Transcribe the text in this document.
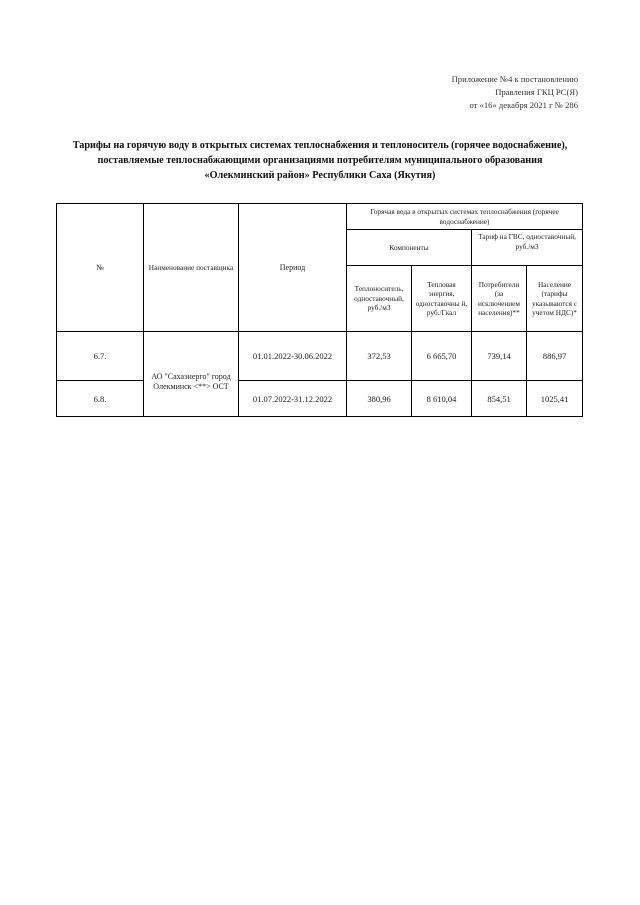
Приложение №4 к постановлению
Правления ГКЦ РС(Я)
от «16» декабря 2021 г № 286
Тарифы на горячую воду в открытых системах теплоснабжения и теплоноситель (горячее водоснабжение), поставляемые теплоснабжающими организациями потребителям муниципального образования «Олекминский район» Республики Саха (Якутия)
№	Наименование поставщика	Период	Горячая вода в открытых системах теплоснабжения (горячее водоснабжение)			
			Компоненты		Тариф на ГВС, одноставочный, руб./м3	
			Теплоноситель, одноставочный, руб./м3	Тепловая энергия, одноставочны й, руб./Гкал	Потребители (за исключением населения)**	Население (тарифы указываются с учетом НДС)*
6.7.	АО "Сахаэнерго" город Олекминск <**> ОСТ	01.01.2022-30.06.2022	372,53	6 665,70	739,14	886,97
6.8.		01.07.2022-31.12.2022	380,96	8 610,04	854,51	1025,41
